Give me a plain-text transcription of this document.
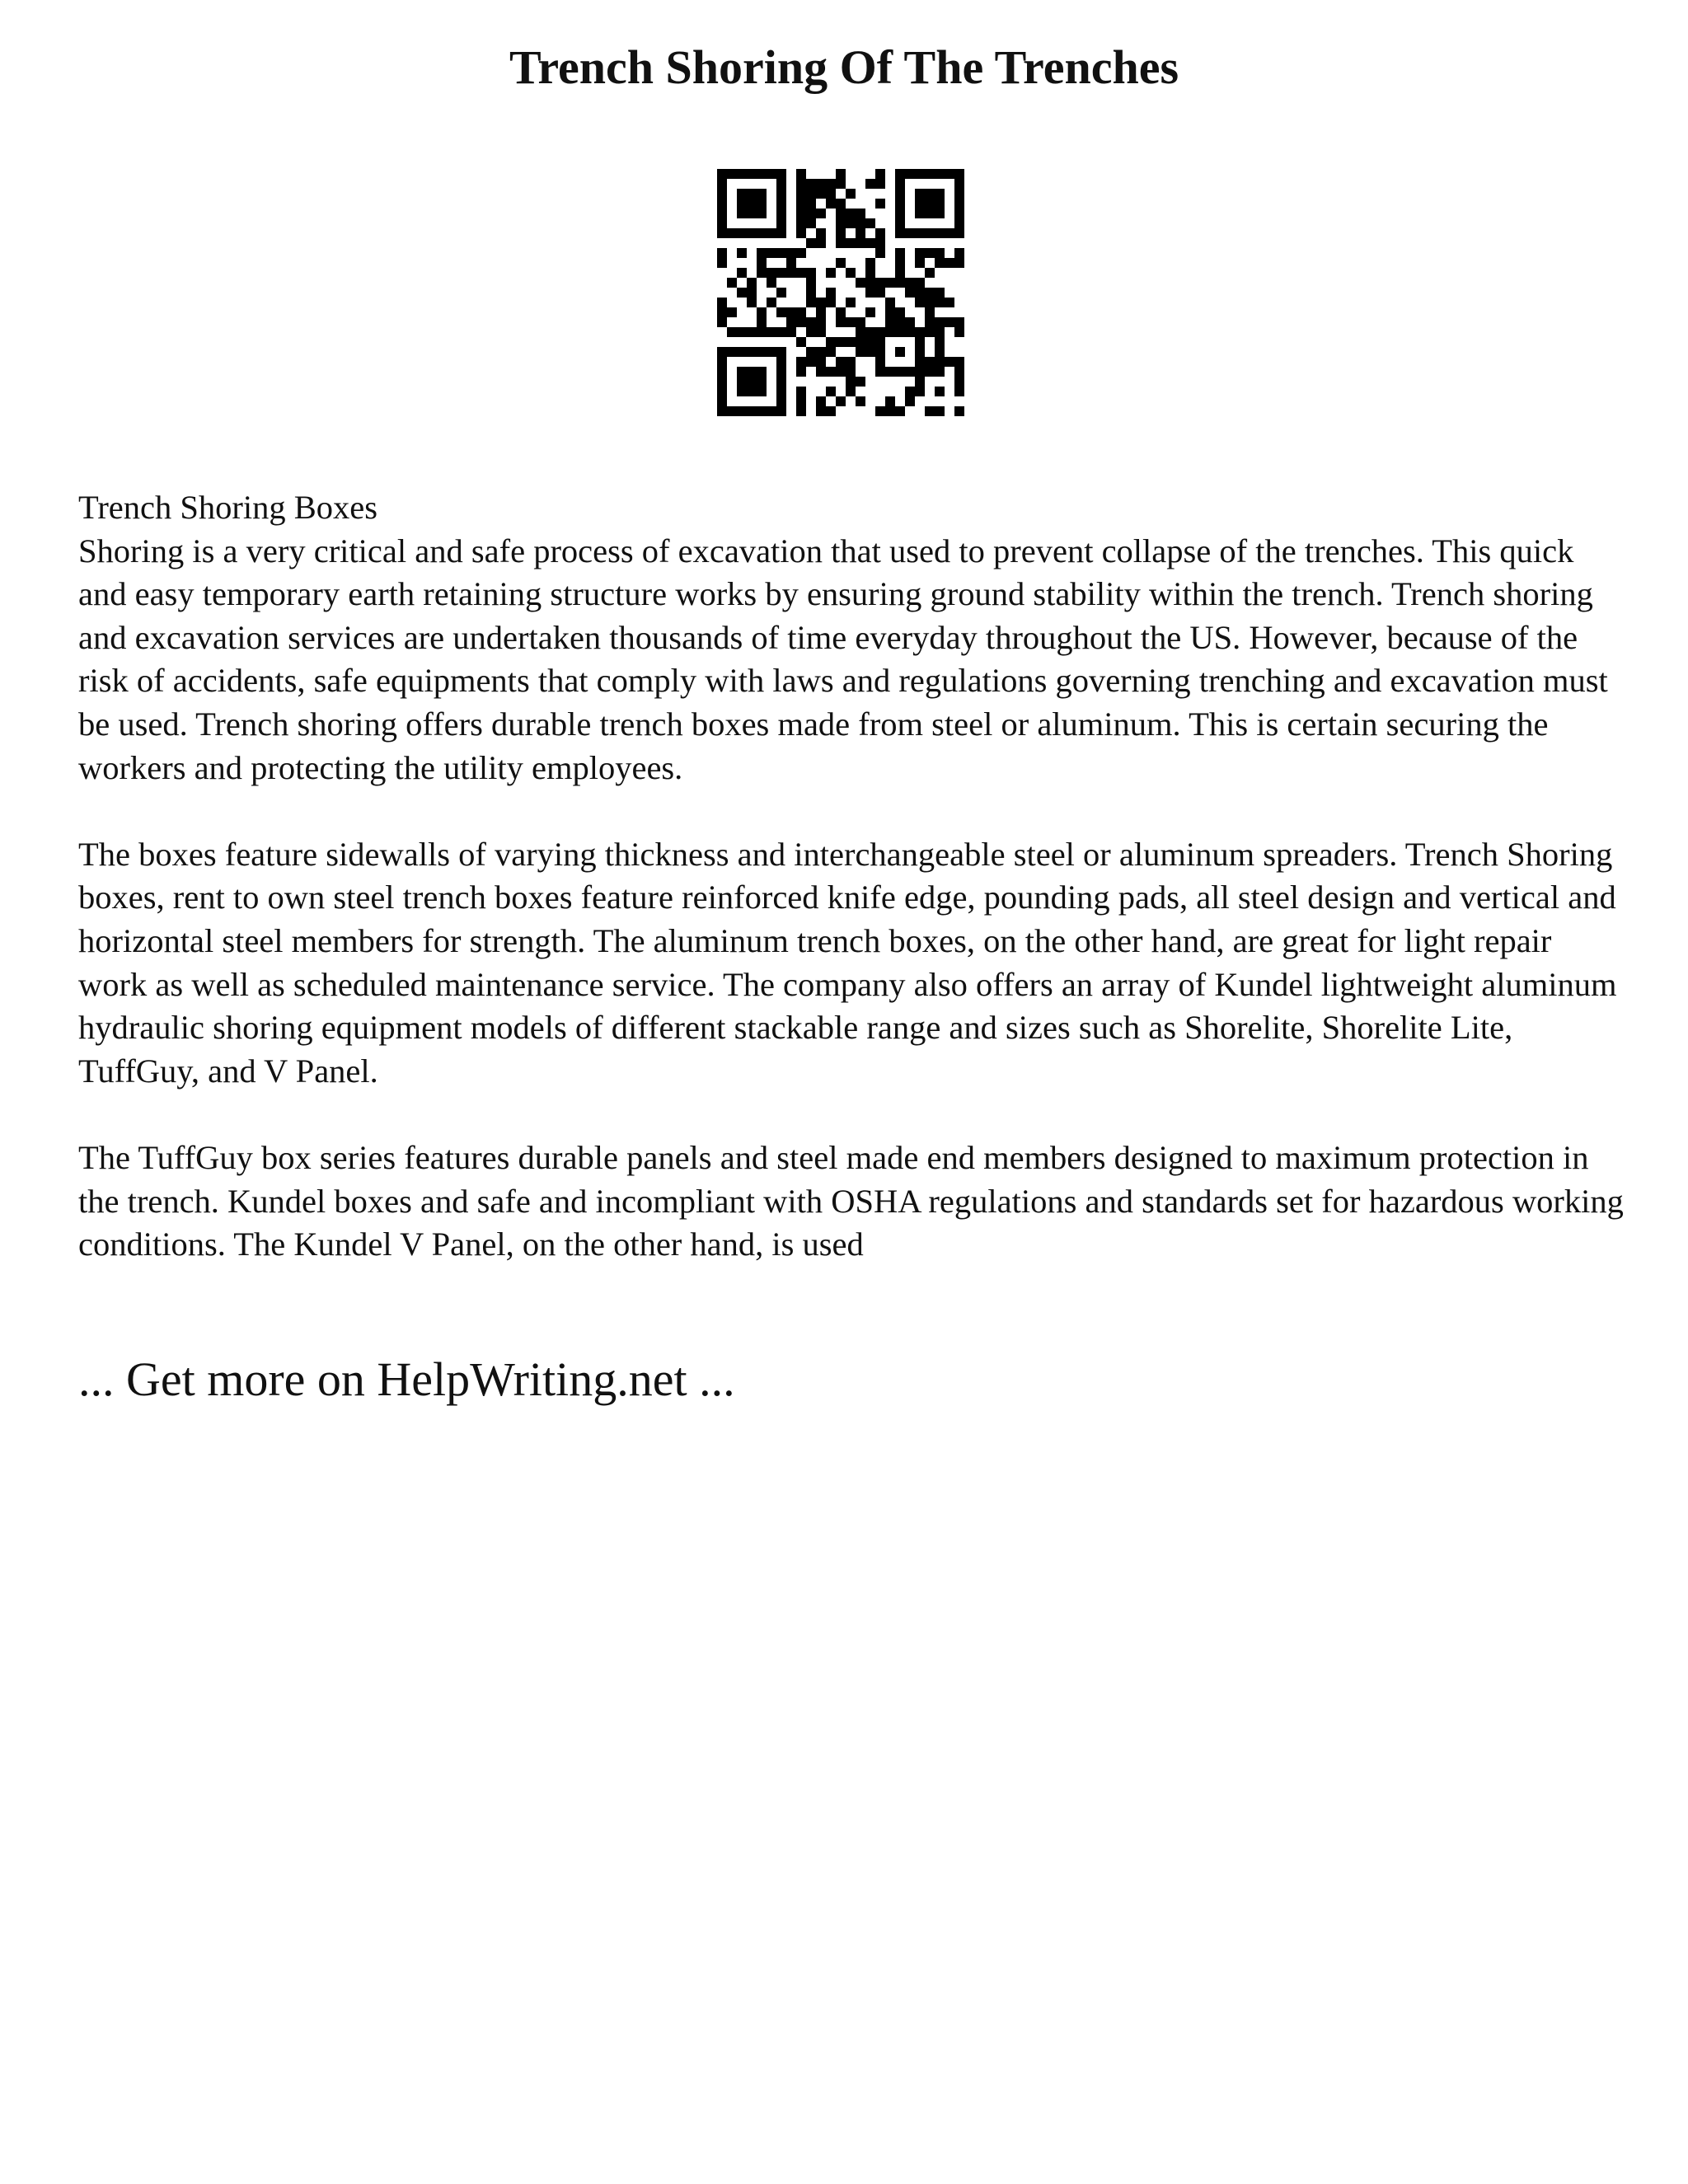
Trench Shoring Of The Trenches

Trench Shoring Boxes
Shoring is a very critical and safe process of excavation that used to prevent collapse of the trenches. This quick and easy temporary earth retaining structure works by ensuring ground stability within the trench. Trench shoring and excavation services are undertaken thousands of time everyday throughout the US. However, because of the risk of accidents, safe equipments that comply with laws and regulations governing trenching and excavation must be used. Trench shoring offers durable trench boxes made from steel or aluminum. This is certain securing the workers and protecting the utility employees.

The boxes feature sidewalls of varying thickness and interchangeable steel or aluminum spreaders. Trench Shoring boxes, rent to own steel trench boxes feature reinforced knife edge, pounding pads, all steel design and vertical and horizontal steel members for strength. The aluminum trench boxes, on the other hand, are great for light repair work as well as scheduled maintenance service. The company also offers an array of Kundel lightweight aluminum hydraulic shoring equipment models of different stackable range and sizes such as Shorelite, Shorelite Lite, TuffGuy, and V Panel.

The TuffGuy box series features durable panels and steel made end members designed to maximum protection in the trench. Kundel boxes and safe and incompliant with OSHA regulations and standards set for hazardous working conditions. The Kundel V Panel, on the other hand, is used

... Get more on HelpWriting.net ...
